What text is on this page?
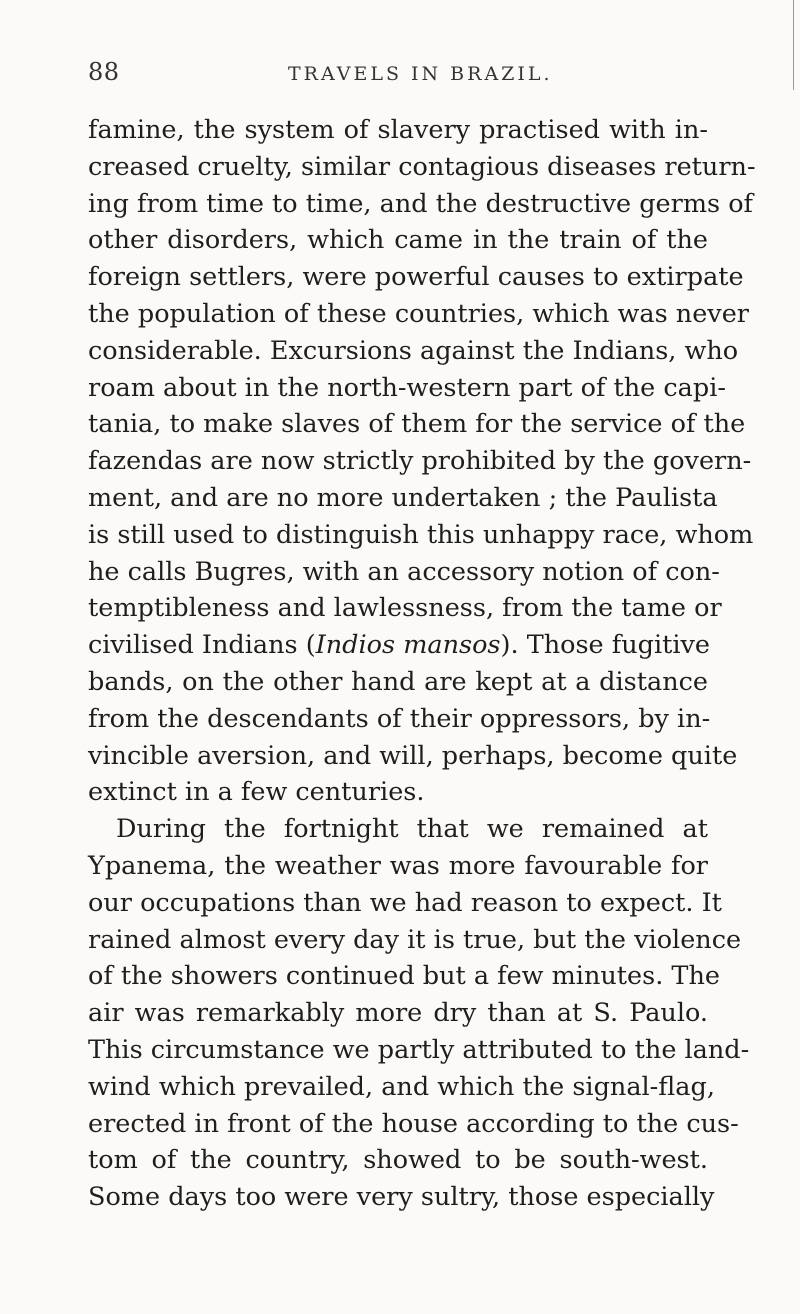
88	TRAVELS IN BRAZIL.
famine, the system of slavery practised with in-
creased cruelty, similar contagious diseases return-
ing from time to time, and the destructive germs of
other disorders, which came in the train of the
foreign settlers, were powerful causes to extirpate
the population of these countries, which was never
considerable. Excursions against the Indians, who
roam about in the north-western part of the capi-
tania, to make slaves of them for the service of the
fazendas are now strictly prohibited by the govern-
ment, and are no more undertaken ; the Paulista
is still used to distinguish this unhappy race, whom
he calls Bugres, with an accessory notion of con-
temptibleness and lawlessness, from the tame or
civilised Indians (Indios mansos). Those fugitive
bands, on the other hand are kept at a distance
from the descendants of their oppressors, by in-
vincible aversion, and will, perhaps, become quite
extinct in a few centuries.
During the fortnight that we remained at
Ypanema, the weather was more favourable for
our occupations than we had reason to expect. It
rained almost every day it is true, but the violence
of the showers continued but a few minutes. The
air was remarkably more dry than at S. Paulo.
This circumstance we partly attributed to the land-
wind which prevailed, and which the signal-flag,
erected in front of the house according to the cus-
tom of the country, showed to be south-west.
Some days too were very sultry, those especially
